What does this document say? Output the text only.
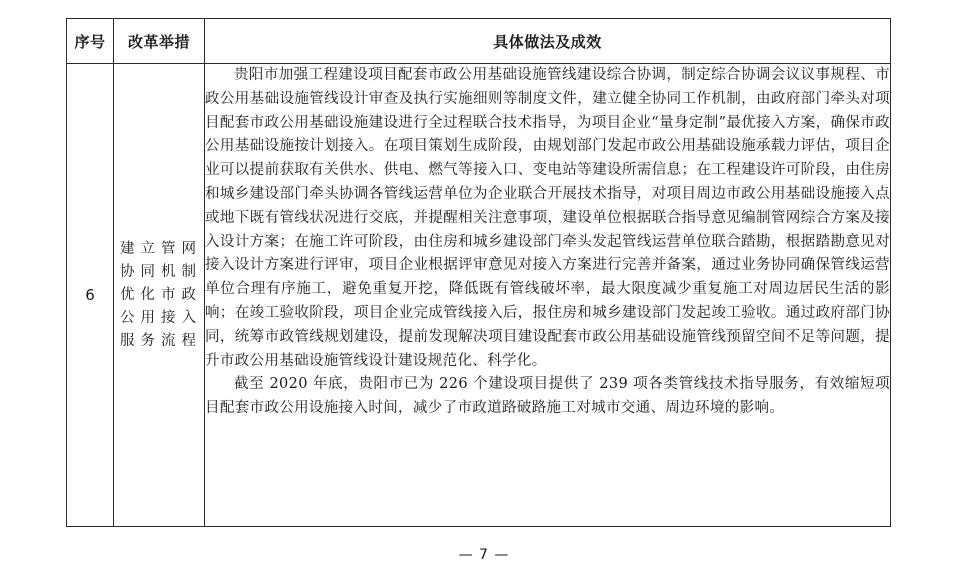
序号	改革举措	具体做法及成效
6	建立管网协同机制优化市政公用接入服务流程	贵阳市加强工程建设项目配套市政公用基础设施管线建设综合协调，制定综合协调会议议事规程、市政公用基础设施管线设计审查及执行实施细则等制度文件，建立健全协同工作机制，由政府部门牵头对项目配套市政公用基础设施建设进行全过程联合技术指导，为项目企业“量身定制”最优接入方案，确保市政公用基础设施按计划接入。在项目策划生成阶段，由规划部门发起市政公用基础设施承载力评估，项目企业可以提前获取有关供水、供电、燃气等接入口、变电站等建设所需信息；在工程建设许可阶段，由住房和城乡建设部门牵头协调各管线运营单位为企业联合开展技术指导，对项目周边市政公用基础设施接入点或地下既有管线状况进行交底，并提醒相关注意事项，建设单位根据联合指导意见编制管网综合方案及接入设计方案；在施工许可阶段，由住房和城乡建设部门牵头发起管线运营单位联合踏勘，根据踏勘意见对接入设计方案进行评审，项目企业根据评审意见对接入方案进行完善并备案，通过业务协同确保管线运营单位合理有序施工，避免重复开挖，降低既有管线破坏率，最大限度减少重复施工对周边居民生活的影响；在竣工验收阶段，项目企业完成管线接入后，报住房和城乡建设部门发起竣工验收。通过政府部门协同，统筹市政管线规划建设，提前发现解决项目建设配套市政公用基础设施管线预留空间不足等问题，提升市政公用基础设施管线设计建设规范化、科学化。

截至 2020 年底，贵阳市已为 226 个建设项目提供了 239 项各类管线技术指导服务，有效缩短项目配套市政公用设施接入时间，减少了市政道路破路施工对城市交通、周边环境的影响。

— 7 —
